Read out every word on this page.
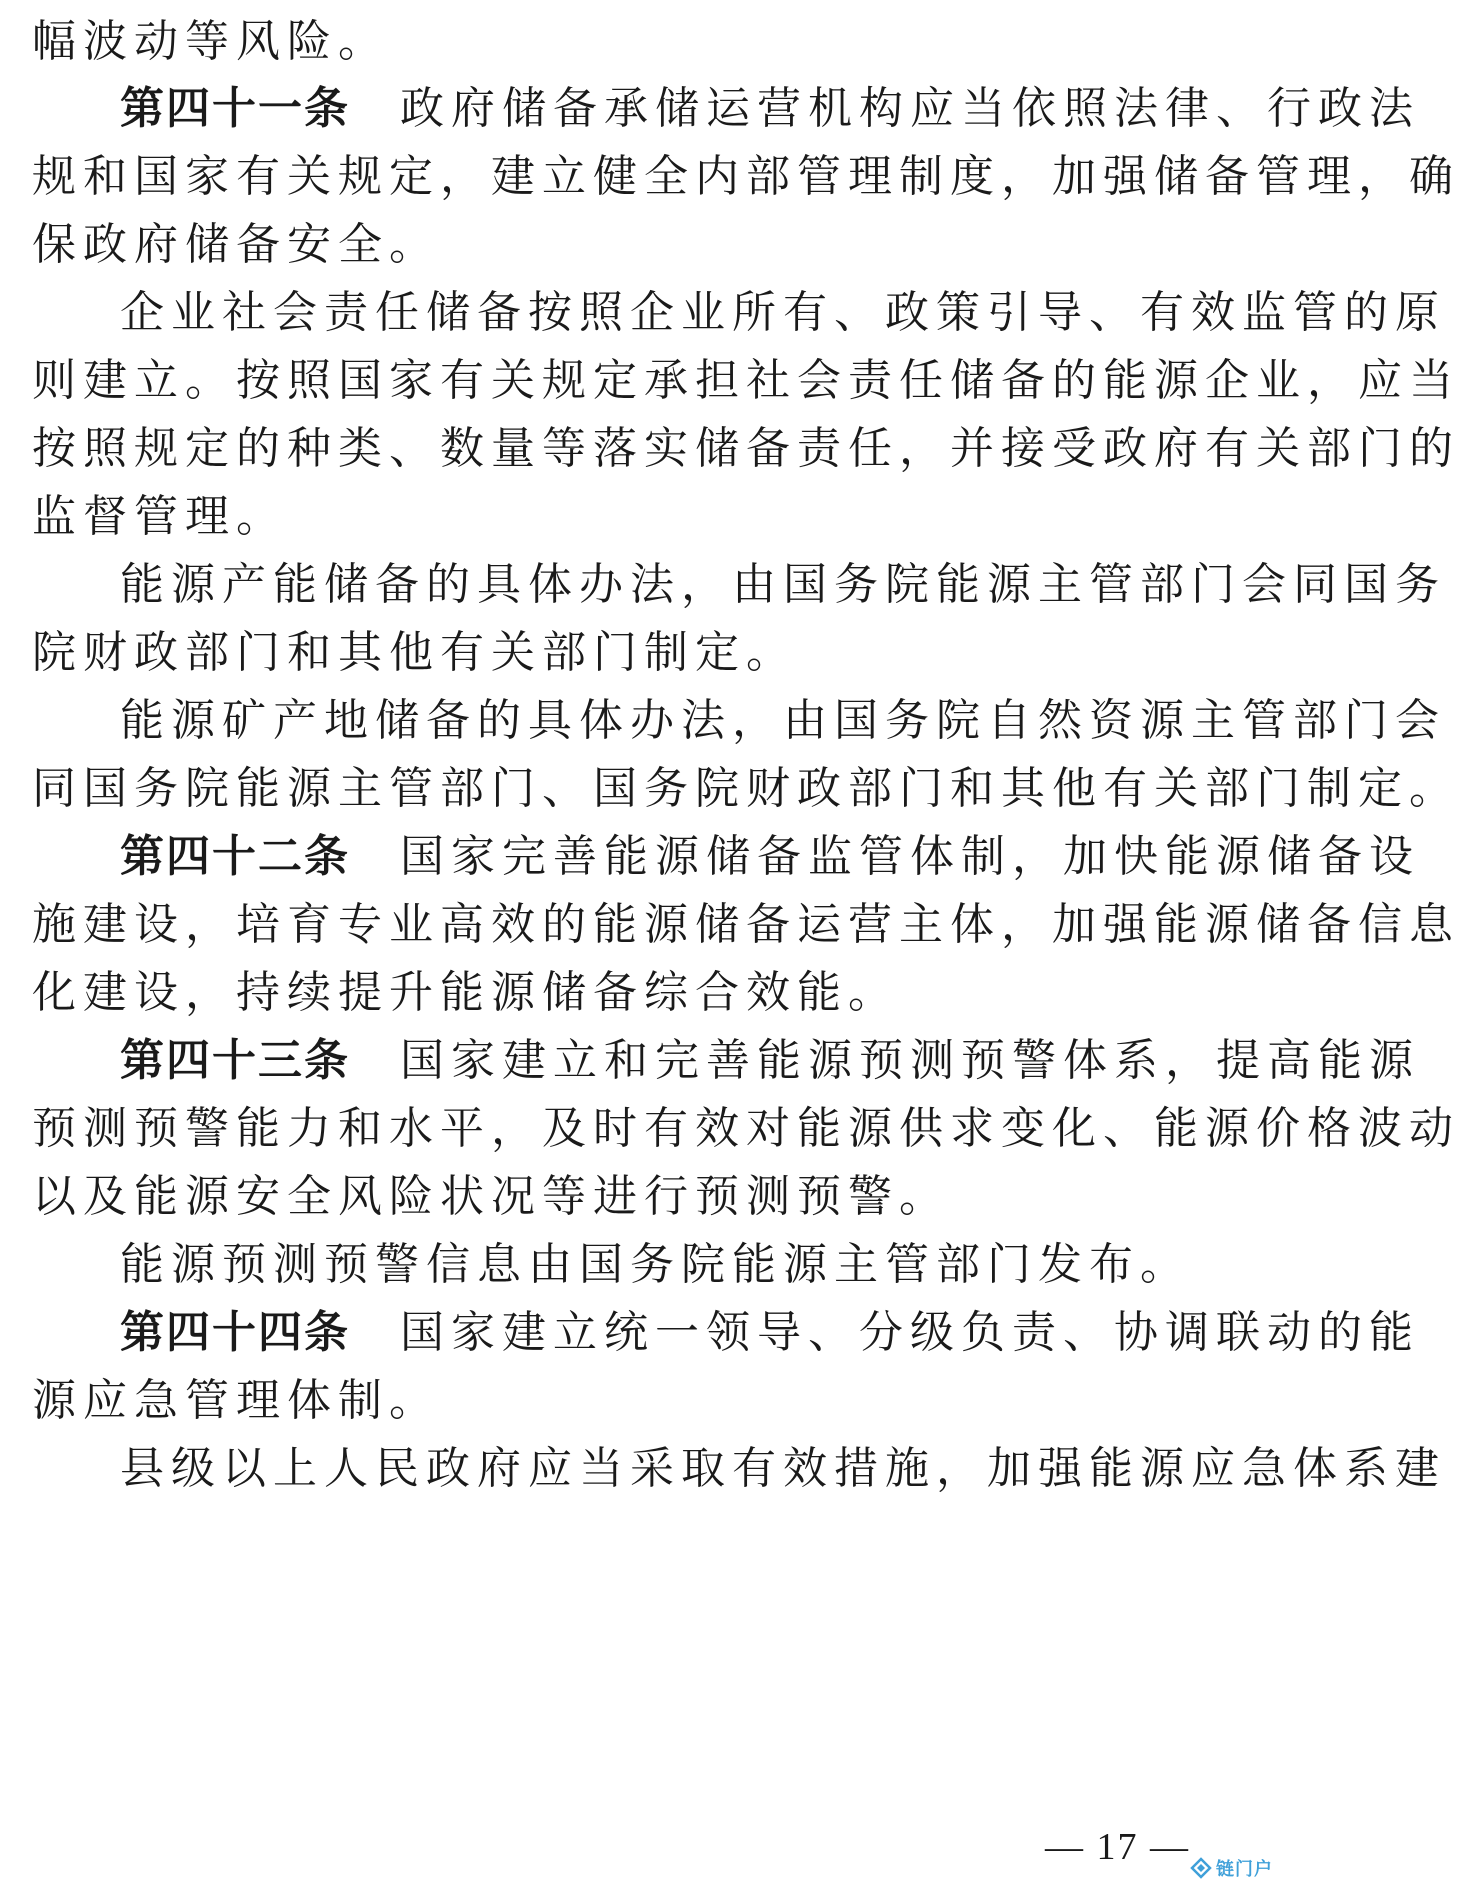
幅波动等风险。
第四十一条 政府储备承储运营机构应当依照法律、行政法
规和国家有关规定，建立健全内部管理制度，加强储备管理，确
保政府储备安全。
企业社会责任储备按照企业所有、政策引导、有效监管的原
则建立。按照国家有关规定承担社会责任储备的能源企业，应当
按照规定的种类、数量等落实储备责任，并接受政府有关部门的
监督管理。
能源产能储备的具体办法，由国务院能源主管部门会同国务
院财政部门和其他有关部门制定。
能源矿产地储备的具体办法，由国务院自然资源主管部门会
同国务院能源主管部门、国务院财政部门和其他有关部门制定。
第四十二条 国家完善能源储备监管体制，加快能源储备设
施建设，培育专业高效的能源储备运营主体，加强能源储备信息
化建设，持续提升能源储备综合效能。
第四十三条 国家建立和完善能源预测预警体系，提高能源
预测预警能力和水平，及时有效对能源供求变化、能源价格波动
以及能源安全风险状况等进行预测预警。
能源预测预警信息由国务院能源主管部门发布。
第四十四条 国家建立统一领导、分级负责、协调联动的能
源应急管理体制。
县级以上人民政府应当采取有效措施，加强能源应急体系建
— 17 —
链门户
